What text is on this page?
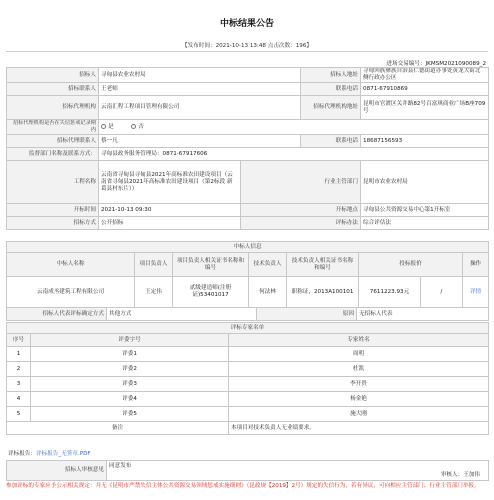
中标结果公告
【发布时间：2021-10-13 13:48 点击次数：196】
进场交易编号：JKMSM2021090089_2
招标人	寻甸县农业农村局		招标人地址	寻甸回族彝族自治县仁德街道办事处黄龙大街北侧行政办公区
招标联系人	王老师		联系电话	0871-67910869
招标代理机构	云南汇程工程项目管理有限公司		招标代理机构地址	昆明市官渡区关井路82号百富琪商业广场B座709号
招标代理机构是否在失信惩戒记录期内	是 否			
招标代理联系人	蔡一凡		联系电话	18687156593
监督部门名称及联系方式：	寻甸县政务服务管理局：0871-67917606			
工程名称	云南省寻甸县寻甸县2021年高标准农田建设项目（云南省寻甸县2021年高标准农田建设项目（第2标段 新葛县村东片））	行业主管部门		昆明市农业农村局
开标时间	2021-10-13 09:30	开标地点		寻甸县公共资源交易中心第1开标室
招标方式	公开招标	评标办法		综合评估法
中标人信息							
中标人名称	项目负责人	项目负责人相关证书名称和编号	技术负责人	技术负责人相关证书名称和编号	投标报价		操作
云南成丞建筑工程有限公司	王定伟	贰级建造师(注册证)53401017	何法林	职称证，2013A100101	7611223.93元	/	详情
招标人代表评标确定方式	其他方式	原因	无招标人代表
评标专家名单		
序号	评委字号	专家姓名
1	评委1	周明
2	评委2	杜凯
3	评委3	李开贵
4	评委4	杨金艳
5	评委5	施大刚
备注		本项目对技术负责人无业绩要求。
评标报告：评标报告_无签章.PDF
招标人审核意见	同意发布
审核人：王加伟
参加评标的专家应予公示相关规定：并无《昆明市严禁失信主体公共资源交易领域惩戒实施细则》（昆政规【2019】2号）规定的失信行为，若有异议，可向相应主管部门、行业主管部门举报。
